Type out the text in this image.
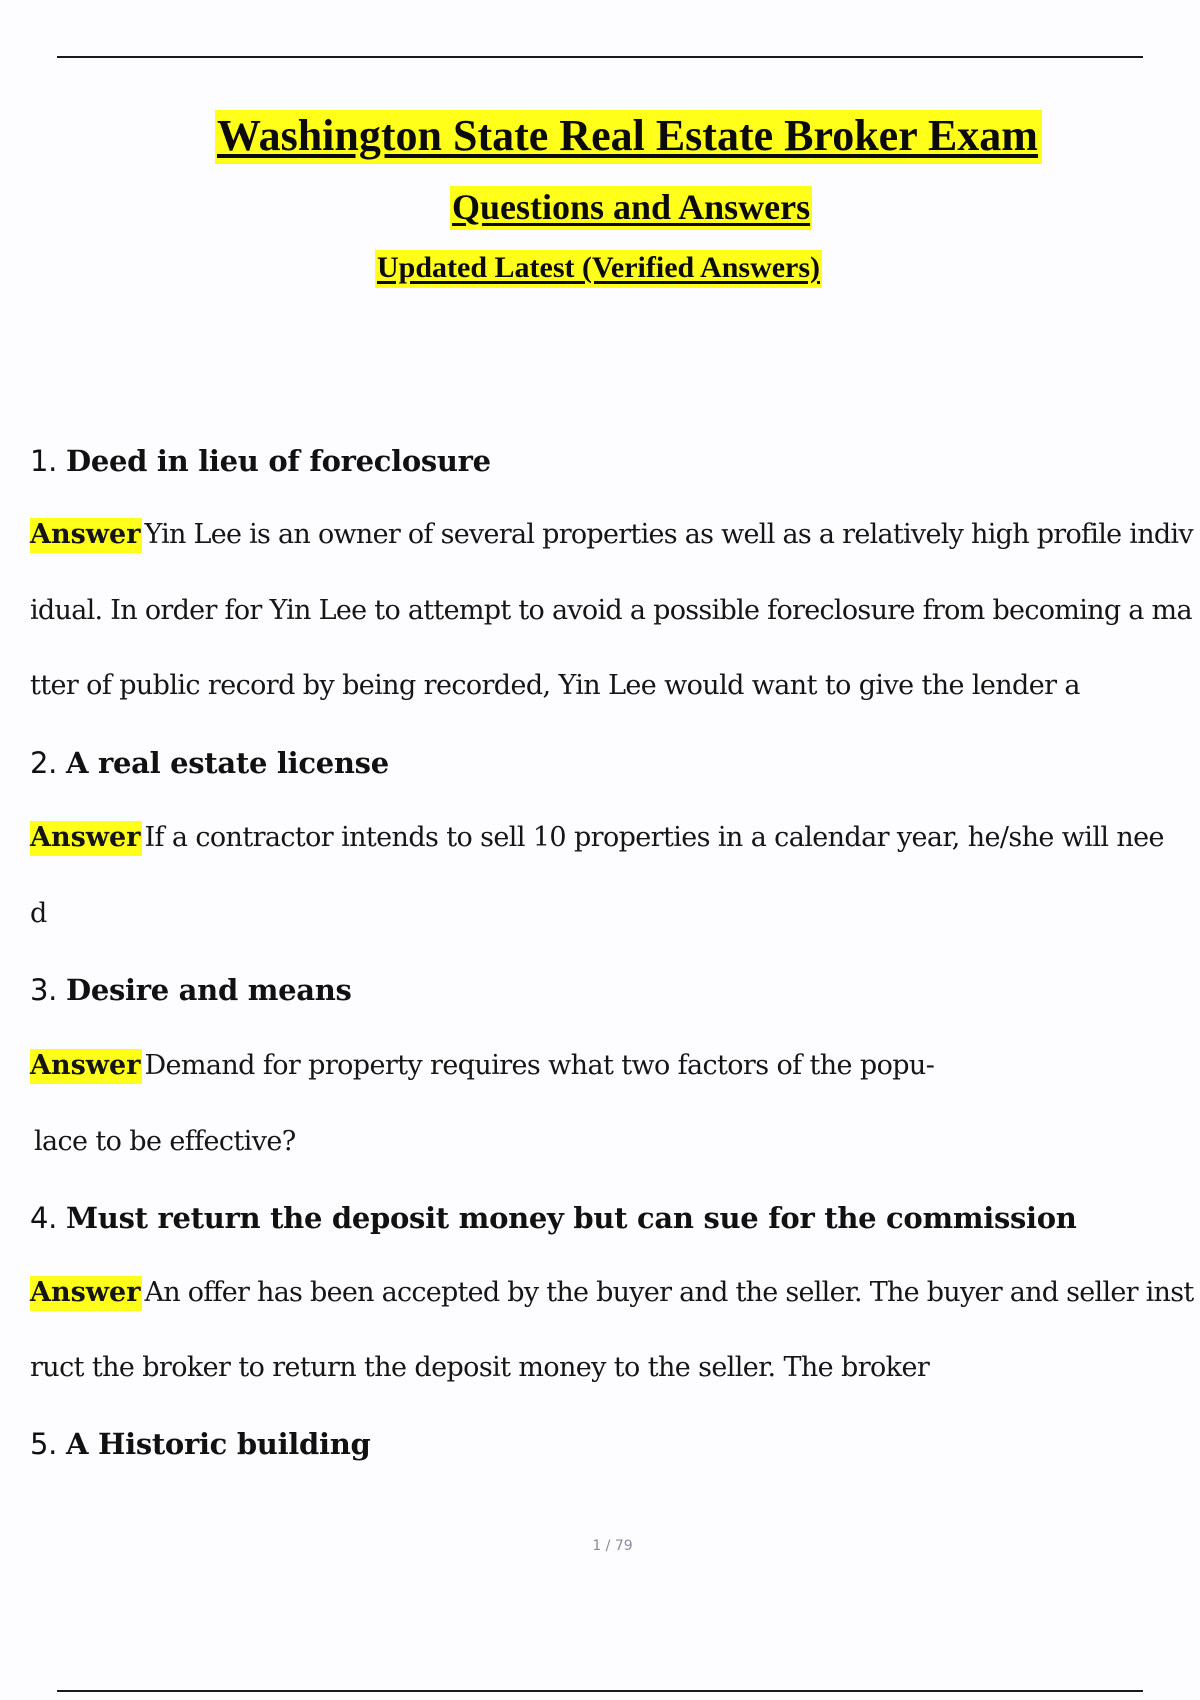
Washington State Real Estate Broker Exam
Questions and Answers
Updated Latest (Verified Answers)
1. Deed in lieu of foreclosure
Answer Yin Lee is an owner of several properties as well as a relatively high profile indiv
idual. In order for Yin Lee to attempt to avoid a possible foreclosure from becoming a ma
tter of public record by being recorded, Yin Lee would want to give the lender a
2. A real estate license
Answer If a contractor intends to sell 10 properties in a calendar year, he/she will nee
d
3. Desire and means
Answer Demand for property requires what two factors of the popu-
lace to be effective?
4. Must return the deposit money but can sue for the commission
Answer An offer has been accepted by the buyer and the seller. The buyer and seller inst
ruct the broker to return the deposit money to the seller. The broker
5. A Historic building
1 / 79
